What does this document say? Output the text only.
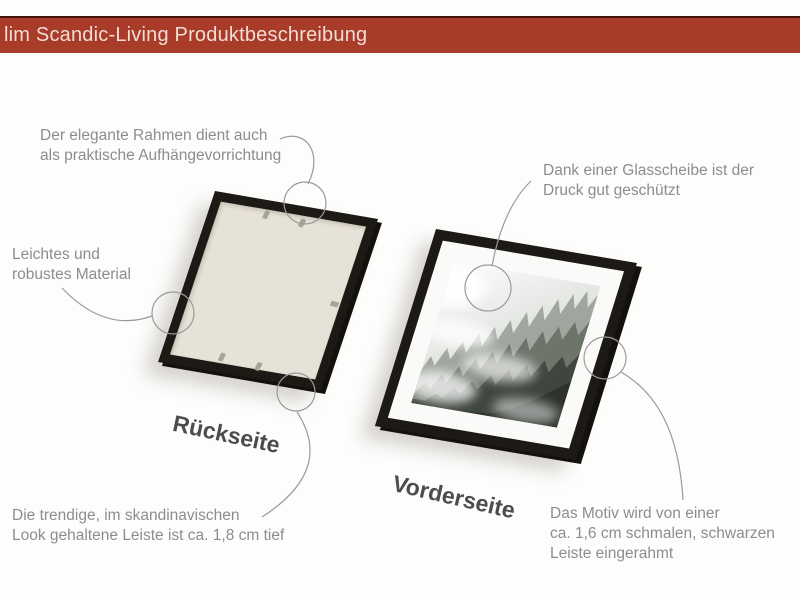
lim Scandic-Living Produktbeschreibung
Der elegante Rahmen dient auch
als praktische Aufhängevorrichtung
Leichtes und
robustes Material
Dank einer Glasscheibe ist der
Druck gut geschützt
Die trendige, im skandinavischen
Look gehaltene Leiste ist ca. 1,8 cm tief
Das Motiv wird von einer
ca. 1,6 cm schmalen, schwarzen
Leiste eingerahmt
Rückseite
Vorderseite
